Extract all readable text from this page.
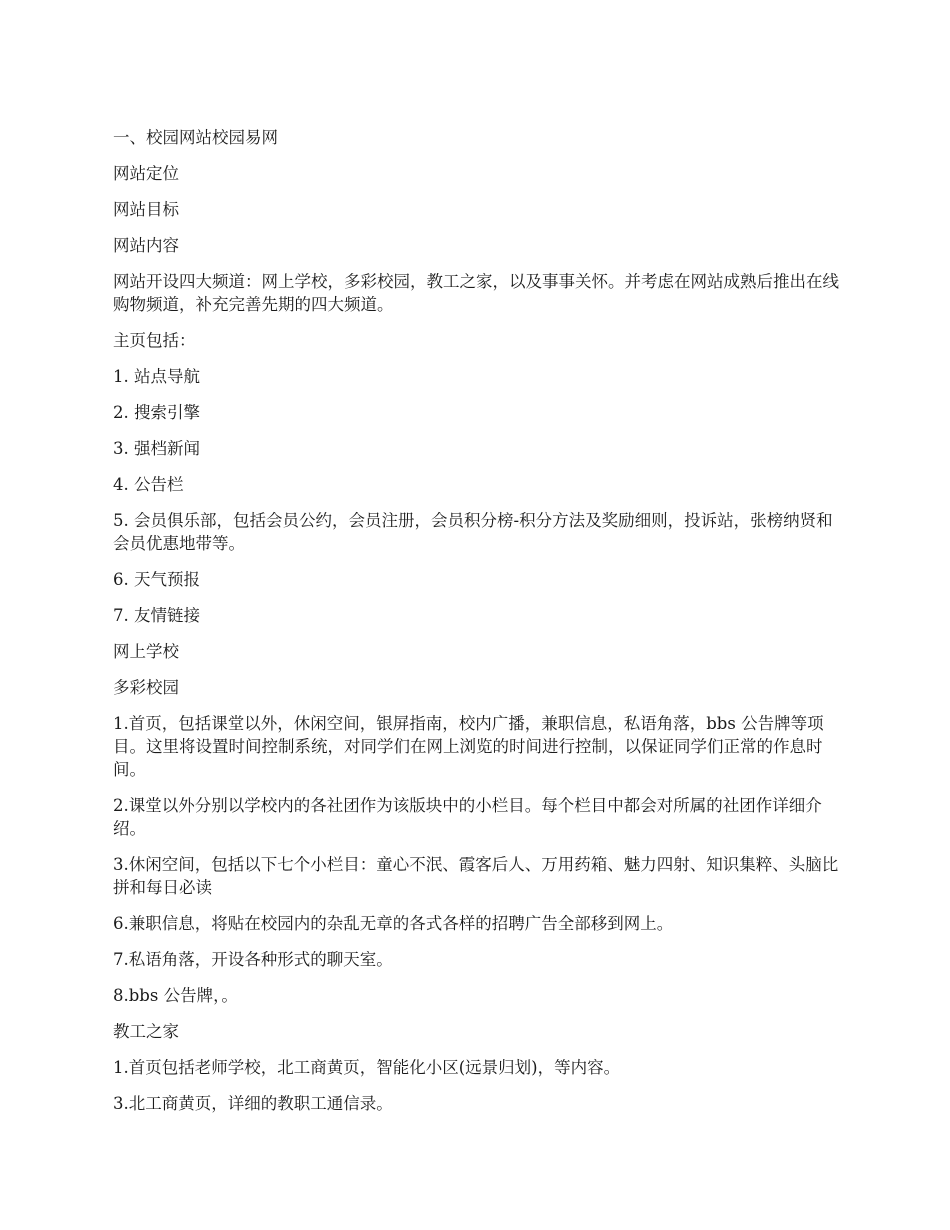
一、校园网站校园易网

网站定位

网站目标

网站内容

网站开设四大频道：网上学校，多彩校园，教工之家，以及事事关怀。并考虑在网站成熟后推出在线购物频道，补充完善先期的四大频道。

主页包括：

1. 站点导航

2. 搜索引擎

3. 强档新闻

4. 公告栏

5. 会员俱乐部，包括会员公约，会员注册，会员积分榜-积分方法及奖励细则，投诉站，张榜纳贤和会员优惠地带等。

6. 天气预报

7. 友情链接

网上学校

多彩校园

1.首页，包括课堂以外，休闲空间，银屏指南，校内广播，兼职信息，私语角落，bbs 公告牌等项目。这里将设置时间控制系统，对同学们在网上浏览的时间进行控制，以保证同学们正常的作息时间。

2.课堂以外分别以学校内的各社团作为该版块中的小栏目。每个栏目中都会对所属的社团作详细介绍。

3.休闲空间，包括以下七个小栏目：童心不泯、霞客后人、万用药箱、魅力四射、知识集粹、头脑比拼和每日必读

6.兼职信息，将贴在校园内的杂乱无章的各式各样的招聘广告全部移到网上。

7.私语角落，开设各种形式的聊天室。

8.bbs 公告牌，。

教工之家

1.首页包括老师学校，北工商黄页，智能化小区(远景归划)，等内容。

3.北工商黄页，详细的教职工通信录。
